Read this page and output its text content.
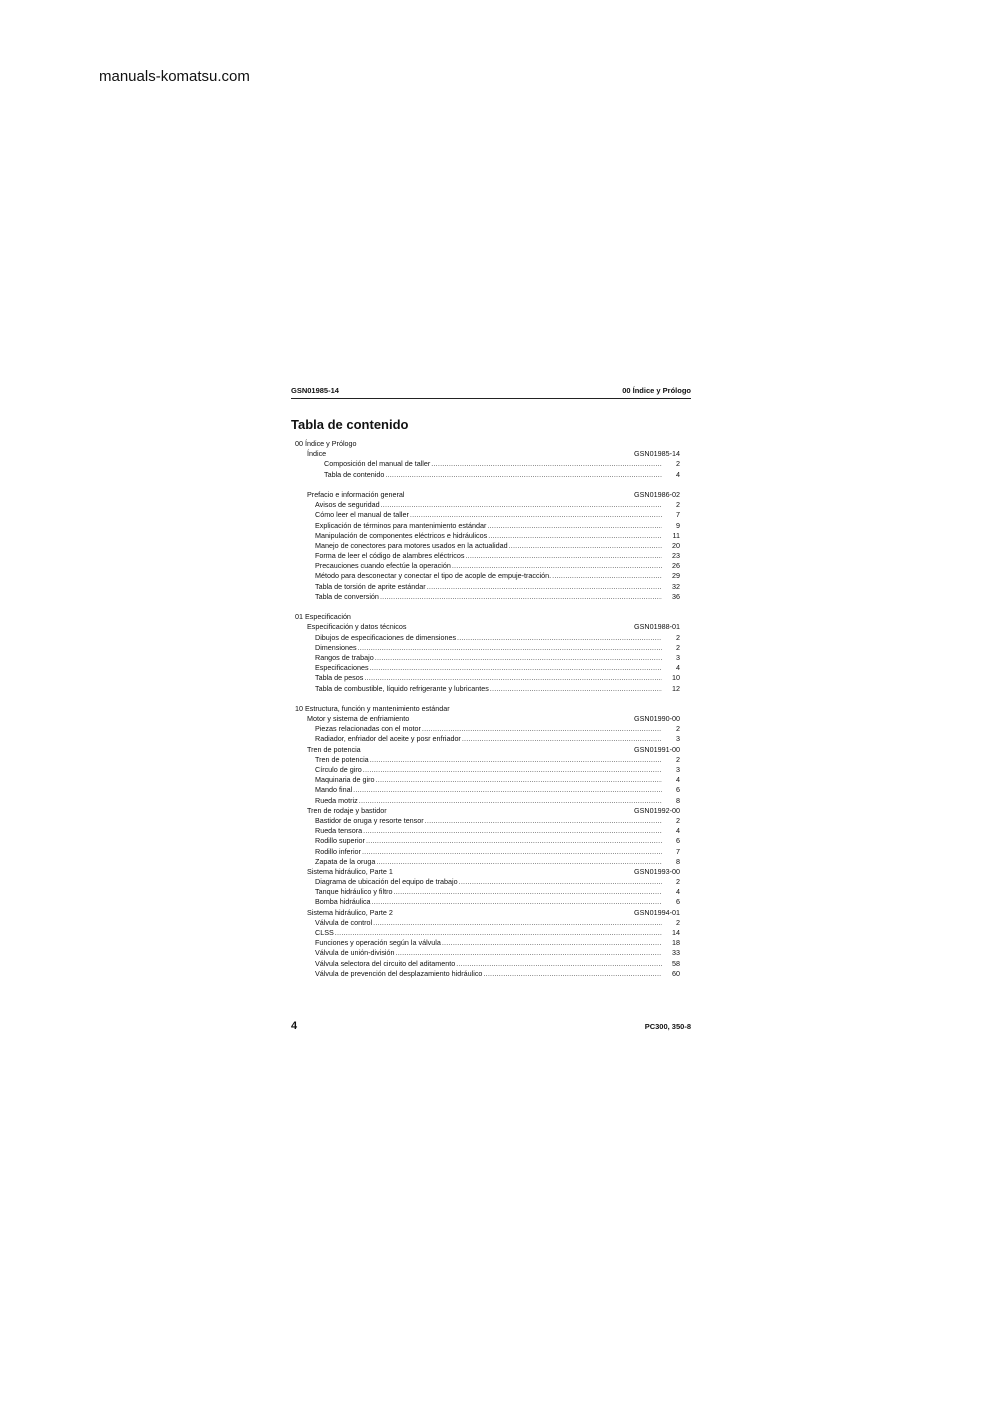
manuals-komatsu.com
GSN01985-14	00 Índice y Prólogo
Tabla de contenido
00 Índice y Prólogo
Índice	GSN01985-14
Composición del manual de taller .....	2
Tabla de contenido .....	4
Prefacio e información general	GSN01986-02
Avisos de seguridad .....	2
Cómo leer el manual de taller .....	7
Explicación de términos para mantenimiento estándar .....	9
Manipulación de componentes eléctricos e hidráulicos .....	11
Manejo de conectores para motores usados en la actualidad .....	20
Forma de leer el código de alambres eléctricos .....	23
Precauciones cuando efectúe la operación .....	26
Método para desconectar y conectar el tipo de acople de empuje-tracción. .....	29
Tabla de torsión de aprite estándar .....	32
Tabla de conversión .....	36
01 Especificación
Especificación y datos técnicos	GSN01988-01
Dibujos de especificaciones de dimensiones .....	2
Dimensiones .....	2
Rangos de trabajo .....	3
Especificaciones .....	4
Tabla de pesos .....	10
Tabla de combustible, líquido refrigerante y lubricantes .....	12
10 Estructura, función y mantenimiento estándar
Motor y sistema de enfriamiento	GSN01990-00
Piezas relacionadas con el motor .....	2
Radiador, enfriador del aceite y posr enfriador .....	3
Tren de potencia	GSN01991-00
Tren de potencia .....	2
Círculo de giro .....	3
Maquinaria de giro .....	4
Mando final .....	6
Rueda motriz .....	8
Tren de rodaje y bastidor	GSN01992-00
Bastidor de oruga y resorte tensor .....	2
Rueda tensora .....	4
Rodillo superior .....	6
Rodillo inferior .....	7
Zapata de la oruga .....	8
Sistema hidráulico, Parte 1	GSN01993-00
Diagrama de ubicación del equipo de trabajo .....	2
Tanque hidráulico y filtro .....	4
Bomba hidráulica .....	6
Sistema hidráulico, Parte 2	GSN01994-01
Válvula de control .....	2
CLSS .....	14
Funciones y operación según la válvula .....	18
Válvula de unión-división .....	33
Válvula selectora del circuito del aditamento .....	58
Válvula de prevención del desplazamiento hidráulico .....	60
4	PC300, 350-8
